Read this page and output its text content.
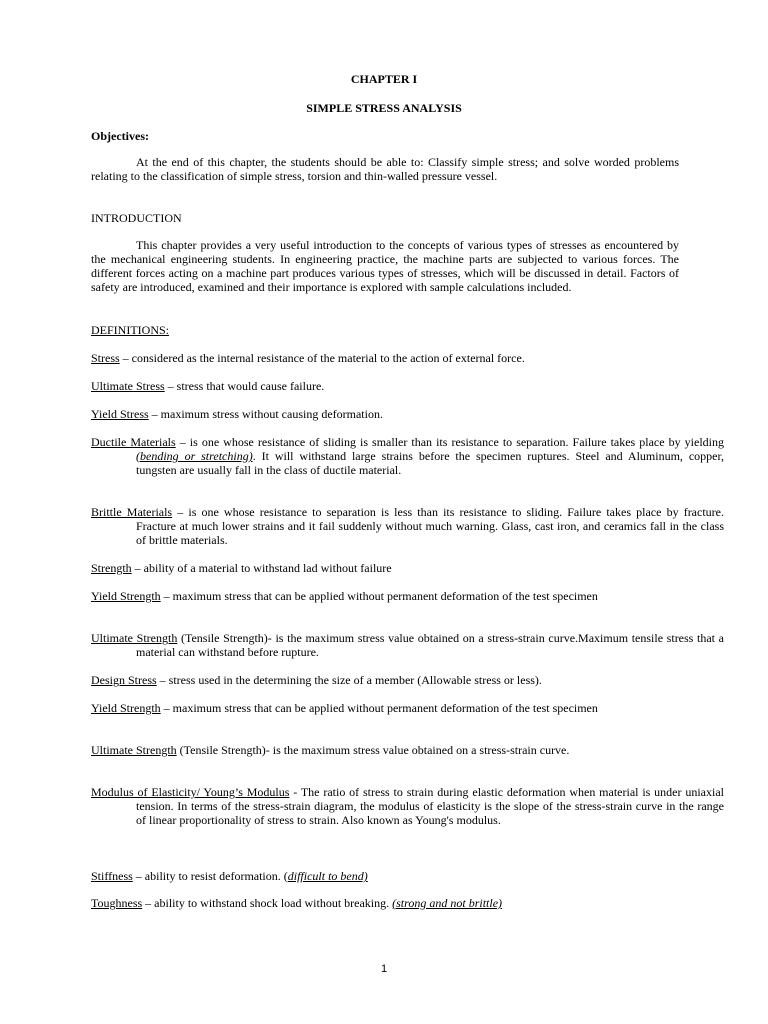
CHAPTER I
SIMPLE STRESS ANALYSIS
Objectives:
At the end of this chapter, the students should be able to: Classify simple stress; and solve worded problems relating to the classification of simple stress, torsion and thin-walled pressure vessel.
INTRODUCTION
This chapter provides a very useful introduction to the concepts of various types of stresses as encountered by the mechanical engineering students. In engineering practice, the machine parts are subjected to various forces. The different forces acting on a machine part produces various types of stresses, which will be discussed in detail. Factors of safety are introduced, examined and their importance is explored with sample calculations included.
DEFINITIONS:
Stress – considered as the internal resistance of the material to the action of external force.
Ultimate Stress – stress that would cause failure.
Yield Stress – maximum stress without causing deformation.
Ductile Materials – is one whose resistance of sliding is smaller than its resistance to separation. Failure takes place by yielding (bending or stretching). It will withstand large strains before the specimen ruptures. Steel and Aluminum, copper, tungsten are usually fall in the class of ductile material.
Brittle Materials – is one whose resistance to separation is less than its resistance to sliding. Failure takes place by fracture. Fracture at much lower strains and it fail suddenly without much warning. Glass, cast iron, and ceramics fall in the class of brittle materials.
Strength – ability of a material to withstand lad without failure
Yield Strength – maximum stress that can be applied without permanent deformation of the test specimen
Ultimate Strength (Tensile Strength)- is the maximum stress value obtained on a stress-strain curve.Maximum tensile stress that a material can withstand before rupture.
Design Stress – stress used in the determining the size of a member (Allowable stress or less).
Yield Strength – maximum stress that can be applied without permanent deformation of the test specimen
Ultimate Strength (Tensile Strength)- is the maximum stress value obtained on a stress-strain curve.
Modulus of Elasticity/ Young’s Modulus - The ratio of stress to strain during elastic deformation when material is under uniaxial tension. In terms of the stress-strain diagram, the modulus of elasticity is the slope of the stress-strain curve in the range of linear proportionality of stress to strain. Also known as Young's modulus.
Stiffness – ability to resist deformation. (difficult to bend)
Toughness – ability to withstand shock load without breaking. (strong and not brittle)
1
